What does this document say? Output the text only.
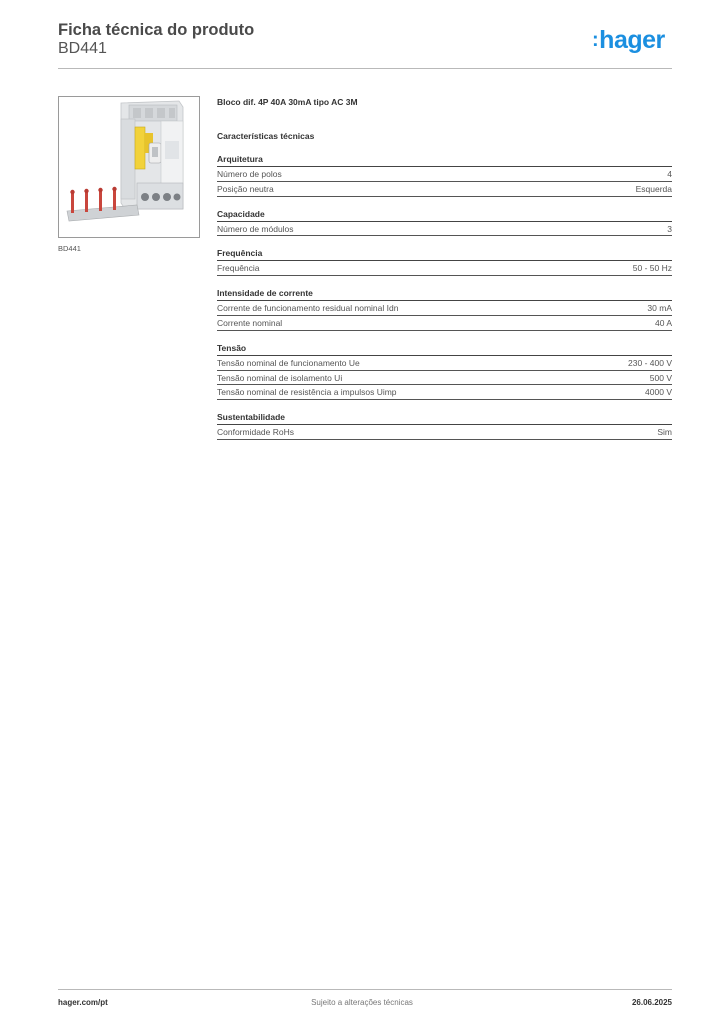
Ficha técnica do produto
BD441	:hager
BD441
Bloco dif. 4P 40A 30mA tipo AC 3M
Características técnicas
Arquitetura
Número de polos	4
Posição neutra	Esquerda
Capacidade
Número de módulos	3
Frequência
Frequência	50 - 50 Hz
Intensidade de corrente
Corrente de funcionamento residual nominal Idn	30 mA
Corrente nominal	40 A
Tensão
Tensão nominal de funcionamento Ue	230 - 400 V
Tensão nominal de isolamento Ui	500 V
Tensão nominal de resistência a impulsos Uimp	4000 V
Sustentabilidade
Conformidade RoHs	Sim
hager.com/pt	Sujeito a alterações técnicas	26.06.2025
